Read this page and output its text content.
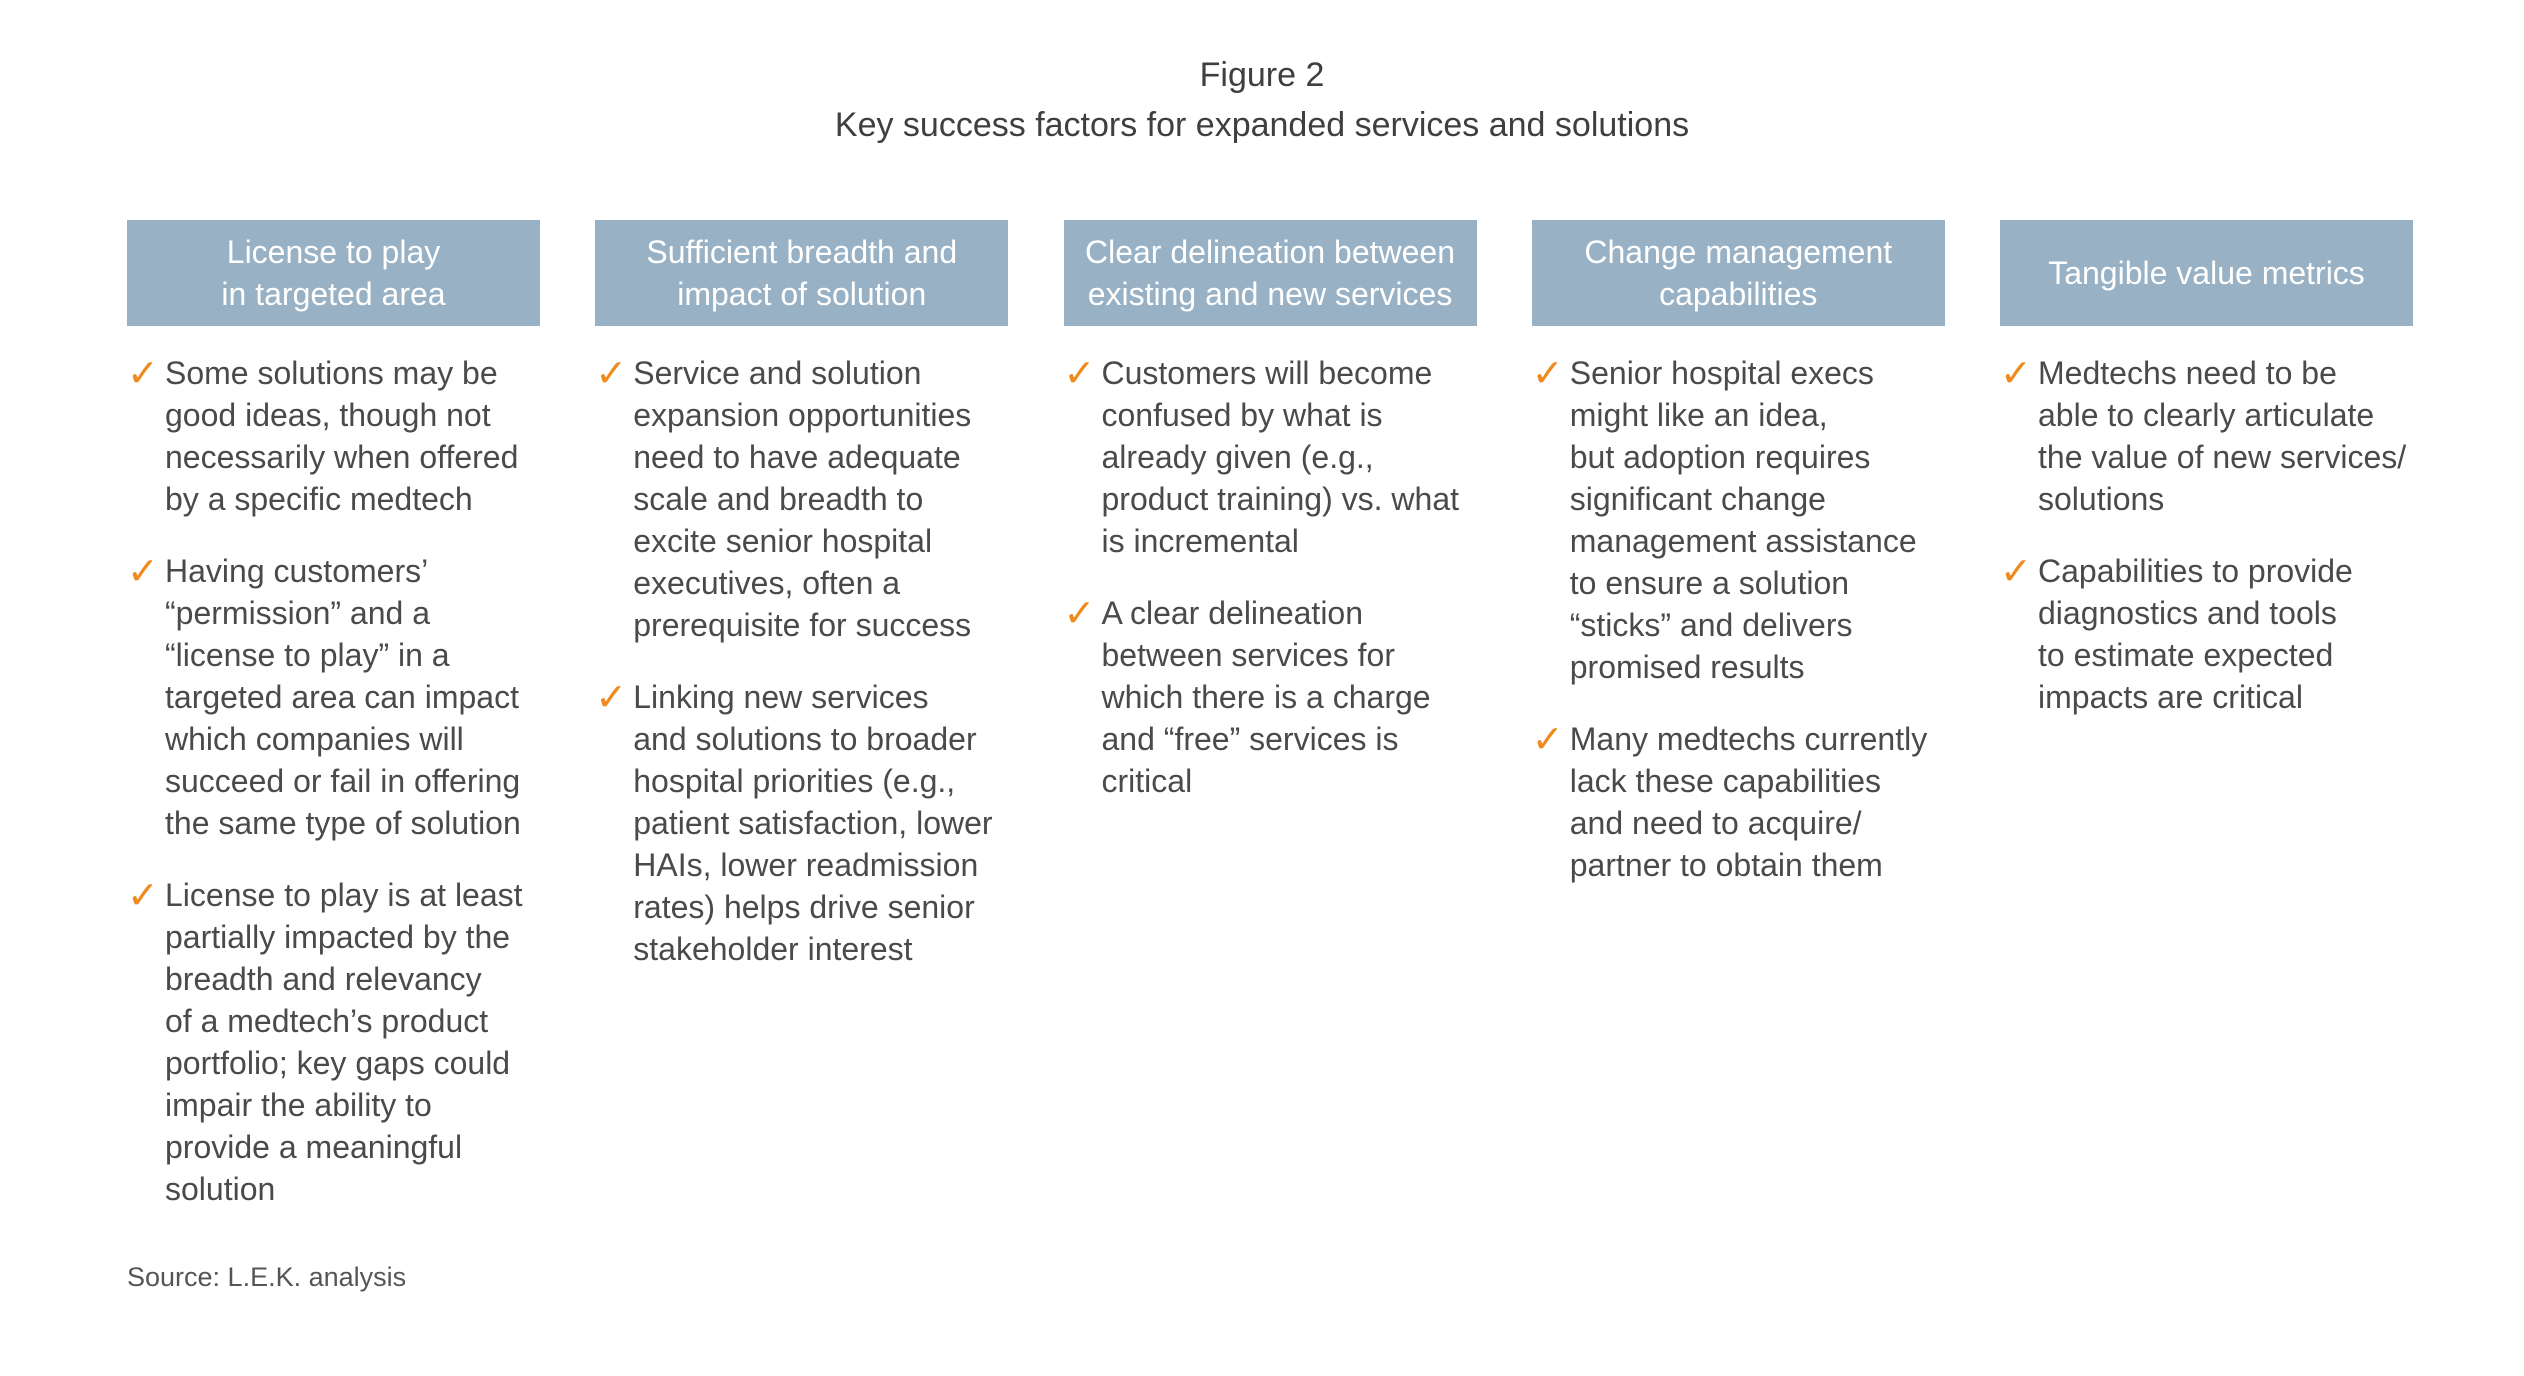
Figure 2
Key success factors for expanded services and solutions
License to play
in targeted area
✓ Some solutions may be
good ideas, though not
necessarily when offered
by a specific medtech
✓ Having customers’
“permission” and a
“license to play” in a
targeted area can impact
which companies will
succeed or fail in offering
the same type of solution
✓ License to play is at least
partially impacted by the
breadth and relevancy
of a medtech’s product
portfolio; key gaps could
impair the ability to
provide a meaningful
solution
Sufficient breadth and
impact of solution
✓ Service and solution
expansion opportunities
need to have adequate
scale and breadth to
excite senior hospital
executives, often a
prerequisite for success
✓ Linking new services
and solutions to broader
hospital priorities (e.g.,
patient satisfaction, lower
HAIs, lower readmission
rates) helps drive senior
stakeholder interest
Clear delineation between
existing and new services
✓ Customers will become
confused by what is
already given (e.g.,
product training) vs. what
is incremental
✓ A clear delineation
between services for
which there is a charge
and “free” services is
critical
Change management
capabilities
✓ Senior hospital execs
might like an idea,
but adoption requires
significant change
management assistance
to ensure a solution
“sticks” and delivers
promised results
✓ Many medtechs currently
lack these capabilities
and need to acquire/
partner to obtain them
Tangible value metrics
✓ Medtechs need to be
able to clearly articulate
the value of new services/
solutions
✓ Capabilities to provide
diagnostics and tools
to estimate expected
impacts are critical
Source: L.E.K. analysis
